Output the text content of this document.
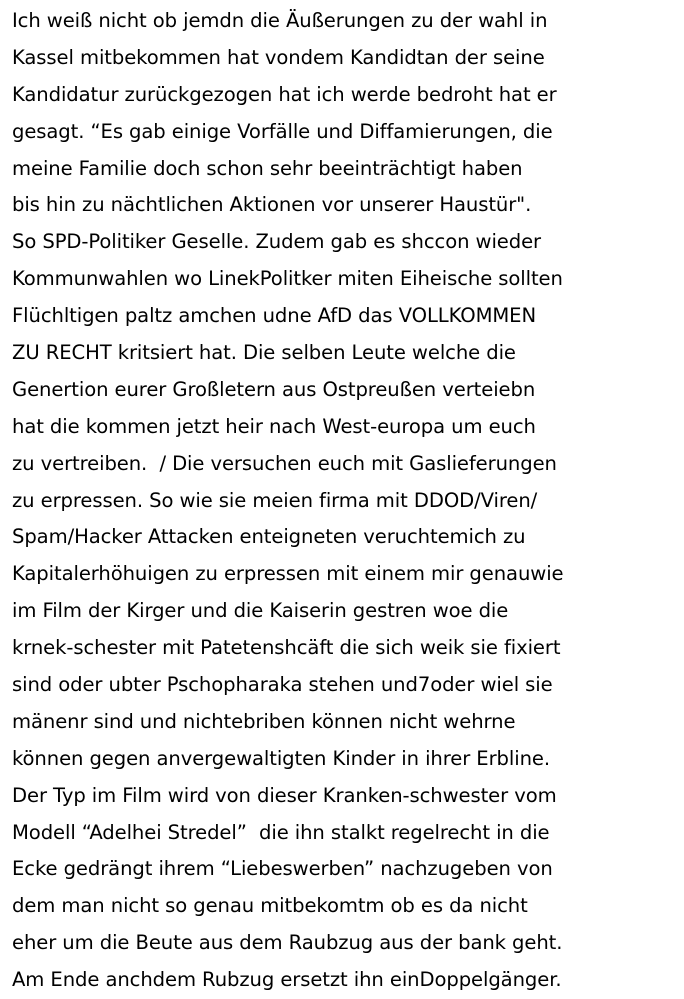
Ich weiß nicht ob jemdn die Äußerungen zu der wahl in
Kassel mitbekommen hat vondem Kandidtan der seine
Kandidatur zurückgezogen hat ich werde bedroht hat er
gesagt. “Es gab einige Vorfälle und Diffamierungen, die
meine Familie doch schon sehr beeinträchtigt haben
bis hin zu nächtlichen Aktionen vor unserer Haustür".
So SPD-Politiker Geselle. Zudem gab es shccon wieder
Kommunwahlen wo LinekPolitker miten Eiheische sollten
Flüchltigen paltz amchen udne AfD das VOLLKOMMEN
ZU RECHT kritsiert hat. Die selben Leute welche die
Genertion eurer Großletern aus Ostpreußen verteiebn
hat die kommen jetzt heir nach West-europa um euch
zu vertreiben.  / Die versuchen euch mit Gaslieferungen
zu erpressen. So wie sie meien firma mit DDOD/Viren/
Spam/Hacker Attacken enteigneten veruchtemich zu
Kapitalerhöhuigen zu erpressen mit einem mir genauwie
im Film der Kirger und die Kaiserin gestren woe die
krnek-schester mit Patetenshcäft die sich weik sie fixiert
sind oder ubter Pschopharaka stehen und7oder wiel sie
mänenr sind und nichtebriben können nicht wehrne
können gegen anvergewaltigten Kinder in ihrer Erbline.
Der Typ im Film wird von dieser Kranken-schwester vom
Modell “Adelhei Stredel”  die ihn stalkt regelrecht in die
Ecke gedrängt ihrem “Liebeswerben” nachzugeben von
dem man nicht so genau mitbekomtm ob es da nicht
eher um die Beute aus dem Raubzug aus der bank geht.
Am Ende anchdem Rubzug ersetzt ihn einDoppelgänger.
